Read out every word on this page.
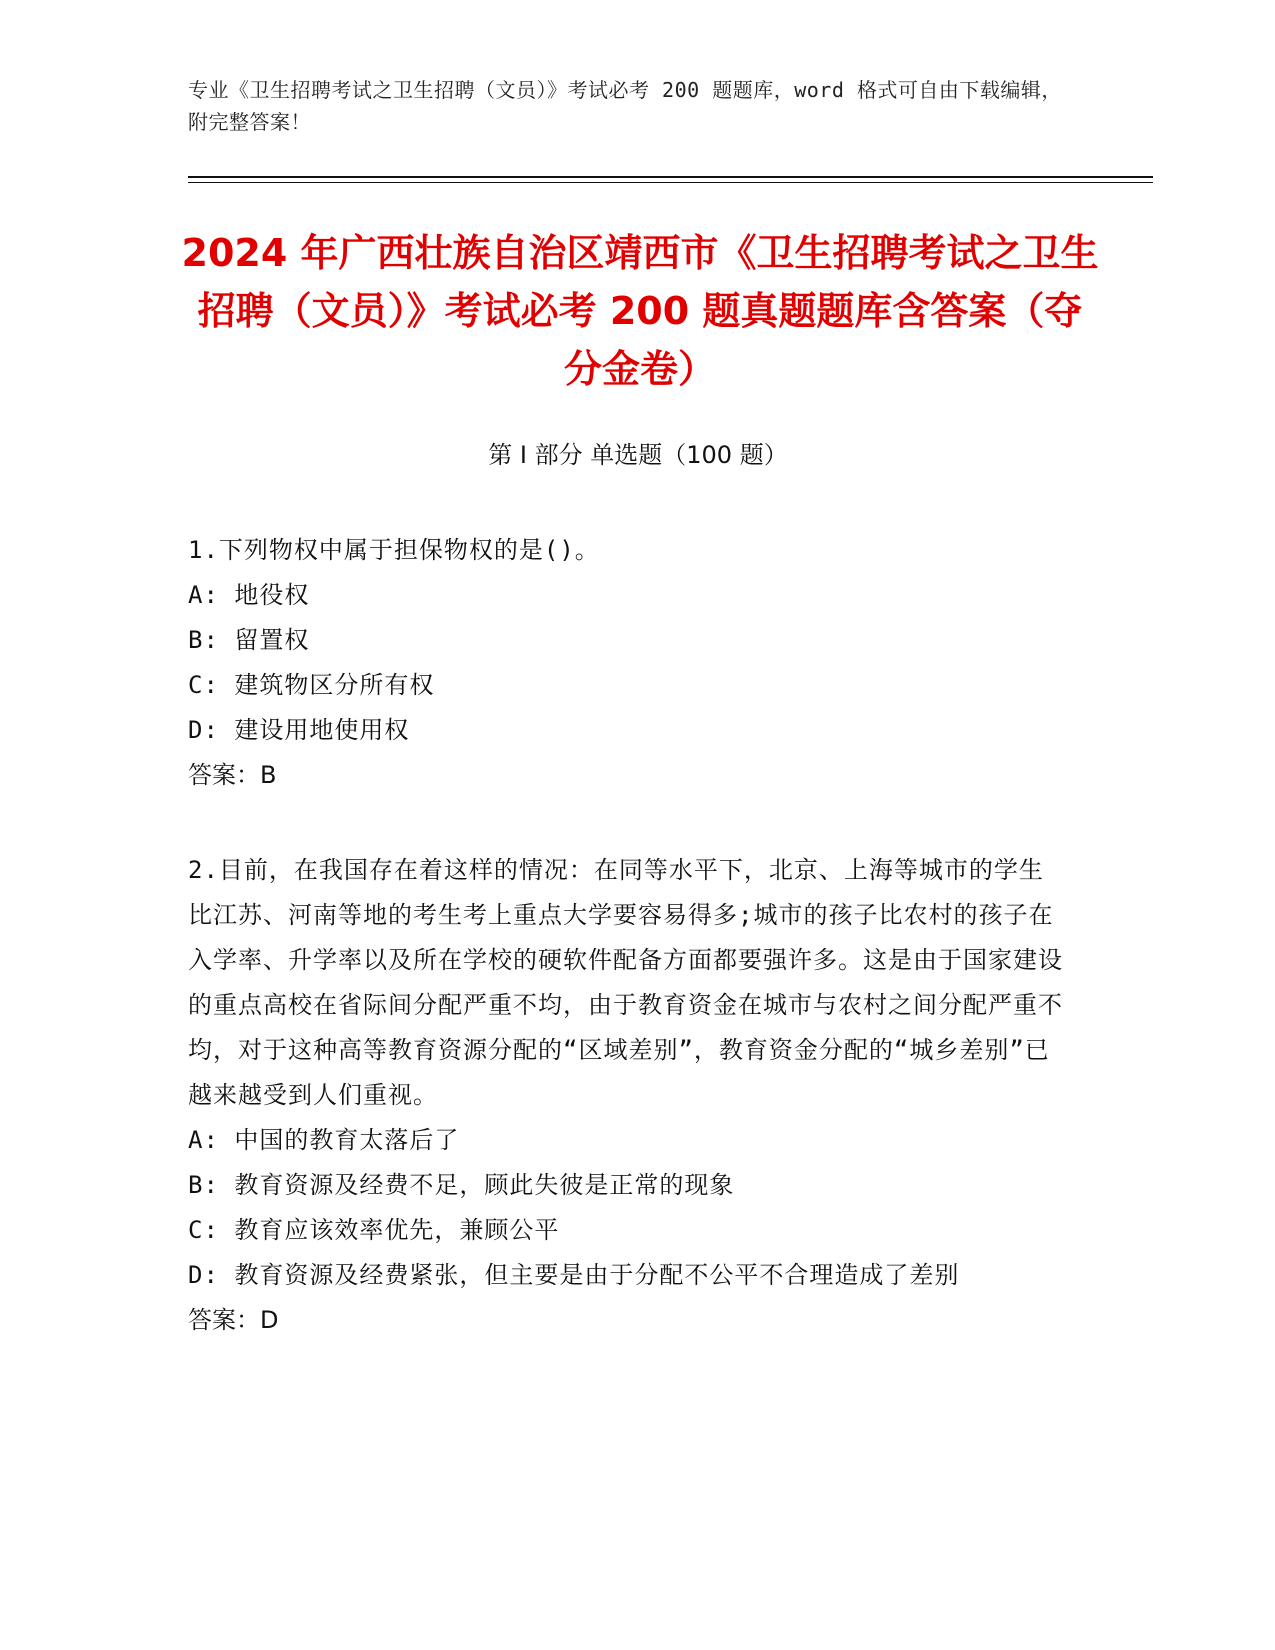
专业《卫生招聘考试之卫生招聘（文员）》考试必考 200 题题库，word 格式可自由下载编辑，附完整答案！
2024 年广西壮族自治区靖西市《卫生招聘考试之卫生招聘（文员）》考试必考 200 题真题题库含答案（夺分金卷）
第 I 部分 单选题（100 题）

1.下列物权中属于担保物权的是()。

A: 地役权

B: 留置权

C: 建筑物区分所有权

D: 建设用地使用权

答案：B

2.目前，在我国存在着这样的情况：在同等水平下，北京、上海等城市的学生比江苏、河南等地的考生考上重点大学要容易得多;城市的孩子比农村的孩子在入学率、升学率以及所在学校的硬软件配备方面都要强许多。这是由于国家建设的重点高校在省际间分配严重不均，由于教育资金在城市与农村之间分配严重不均，对于这种高等教育资源分配的“区域差别”，教育资金分配的“城乡差别”已越来越受到人们重视。

A: 中国的教育太落后了

B: 教育资源及经费不足，顾此失彼是正常的现象

C: 教育应该效率优先，兼顾公平

D: 教育资源及经费紧张，但主要是由于分配不公平不合理造成了差别

答案：D
